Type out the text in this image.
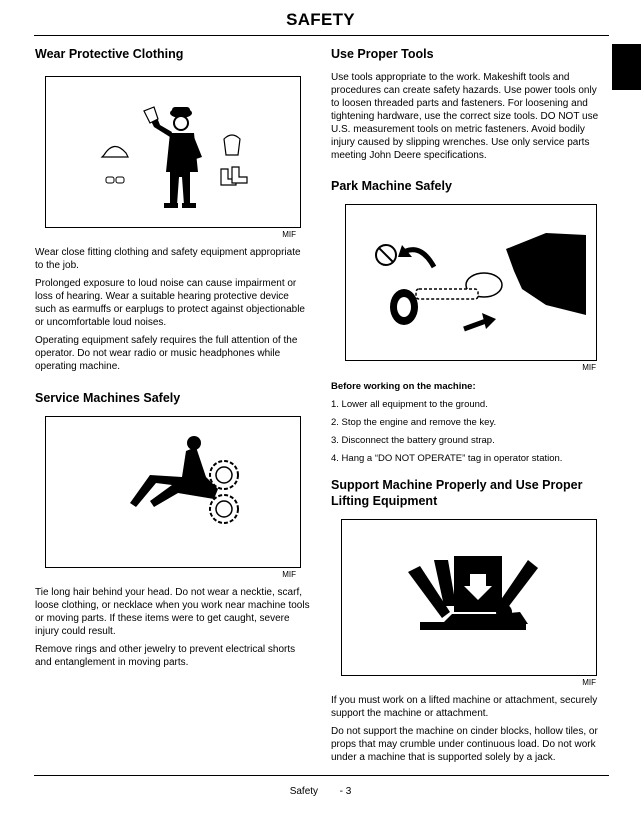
SAFETY
Wear Protective Clothing
MIF

Wear close fitting clothing and safety equipment appropriate to the job.

Prolonged exposure to loud noise can cause impairment or loss of hearing. Wear a suitable hearing protective device such as earmuffs or earplugs to protect against objectionable or uncomfortable loud noises.

Operating equipment safely requires the full attention of the operator. Do not wear radio or music headphones while operating machine.

Service Machines Safely
MIF

Tie long hair behind your head. Do not wear a necktie, scarf, loose clothing, or necklace when you work near machine tools or moving parts. If these items were to get caught, severe injury could result.

Remove rings and other jewelry to prevent electrical shorts and entanglement in moving parts.

Use Proper Tools

Use tools appropriate to the work. Makeshift tools and procedures can create safety hazards. Use power tools only to loosen threaded parts and fasteners. For loosening and tightening hardware, use the correct size tools. DO NOT use U.S. measurement tools on metric fasteners. Avoid bodily injury caused by slipping wrenches. Use only service parts meeting John Deere specifications.

Park Machine Safely
MIF
Before working on the machine:
1. Lower all equipment to the ground.
2. Stop the engine and remove the key.
3. Disconnect the battery ground strap.
4. Hang a “DO NOT OPERATE” tag in operator station.
Support Machine Properly and Use Proper Lifting Equipment
MIF

If you must work on a lifted machine or attachment, securely support the machine or attachment.

Do not support the machine on cinder blocks, hollow tiles, or props that may crumble under continuous load. Do not work under a machine that is supported solely by a jack.

Safety - 3
